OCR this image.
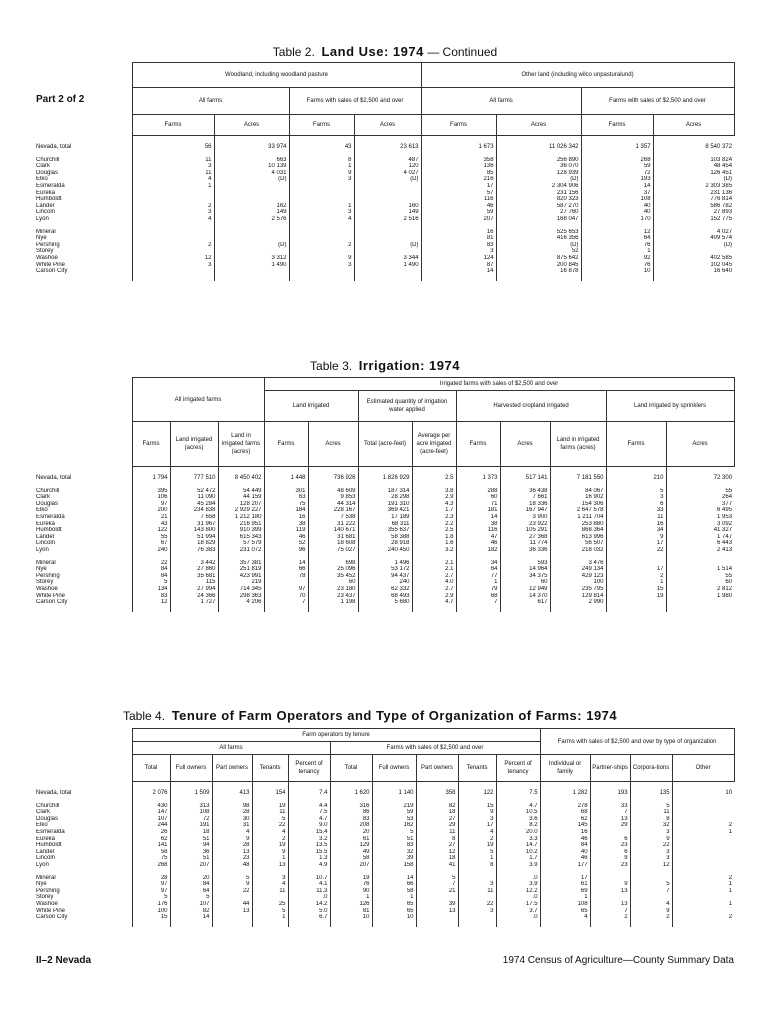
Table 2. Land Use: 1974 — Continued
Part 2 of 2
	Woodland, including woodland pasture				Other land (including wilco unpasturalund)			
	All farms		Farms with sales of $2,500 and over		All farms		Farms with sales of $2,500 and over	
	Farms	Acres	Farms	Acres	Farms	Acres	Farms	Acres

Nevada, total	56	33 974	43	23 613	1 673	11 026 342	1 357	8 540 372

Churchill	11	663	8	487	358	256 890	268	103 824
Clark	3	10 139	1	120	136	36 070	59	48 454
Douglas	11	4 031	9	4 027	85	128 939	72	126 451
Elko	4	(D)	3	(D)	216	(D)	193	(D)
Esmeralda	1				17	2 304 906	14	2 303 385
Eureka					57	231 156	37	231 136
Humboldt					116	820 323	108	776 814
Lander	2	162	1	160	46	587 270	40	586 782
Lincoln	3	149	3	149	59	27 760	40	27 893
Lyon	4	2 576	4	2 516	207	168 047	170	152 775

Mineral					16	525 653	12	4 027
Nye					81	416 356	64	409 574
Pershing	2	(D)	2	(D)	83	(D)	76	(D)
Storey					3	52	1	
Washoe	12	3 312	9	3 344	124	875 642	92	402 585
White Pine	3	1 490	3	1 490	87	200 845	76	102 045
Carson City					14	16 878	10	16 640

Table 3. Irrigation: 1974
	All irrigated farms			Irrigated farms with sales of $2,500 and over								
				Land irrigated		Estimated quantity of irrigation water applied		Harvested cropland irrigated			Land irrigated by sprinklers	
	Farms	Land irrigated (acres)	Land in irrigated farms (acres)	Farms	Acres	Total (acre-feet)	Average per acre irrigated (acre-feet)	Farms	Acres	Land in irrigated farms (acres)	Farms	Acres

Nevada, total	1 794	777 510	8 450 402	1 448	736 926	1 826 929	2.5	1 373	517 141	7 181 550	210	72 300

Churchill	395	52 472	54 449	301	48 609	187 314	3.8	288	36 438	84 067	5	55
Clark	106	11 090	44 159	63	9 853	28 298	2.9	60	7 661	16 902	3	264
Douglas	97	45 284	128 207	75	44 314	191 310	4.3	71	18 336	154 306	6	377
Elko	200	234 838	2 929 227	184	228 167	369 421	1.7	181	167 947	2 647 578	33	6 495
Esmeralda	21	7 658	1 212 180	16	7 538	17 189	2.3	14	3 900	1 211 704	11	1 953
Eureka	43	31 967	216 951	38	31 222	68 311	2.2	38	23 922	253 880	16	3 092
Humboldt	122	143 800	910 399	119	140 671	355 637	2.5	116	105 291	868 364	34	41 327
Lander	55	51 994	615 343	46	31 681	58 388	1.8	47	27 368	613 996	9	1 747
Lincoln	67	18 829	57 579	52	18 608	28 918	1.6	46	11 774	56 507	17	6 443
Lyon	240	76 383	231 072	96	75 027	240 450	3.2	182	36 336	218 032	22	2 413

Mineral	22	3 442	357 381	14	698	1 496	2.1	34	593	3 476		
Nye	84	27 860	251 819	66	25 096	53 172	2.1	64	14 964	249 134	17	1 514
Pershing	84	35 681	423 991	78	35 452	94 437	2.7	77	34 375	429 123	2	55
Storey	5	115	219		60	240	4.0	1	60	100	1	60
Washoe	134	27 994	714 345	97	23 180	62 332	2.7	79	12 949	235 795	15	2 812
White Pine	83	24 366	298 363	70	23 437	68 493	2.9	68	14 370	129 814	19	1 980
Carson City	12	1 727	4 206	7	1 198	5 680	4.7	7	617	2 990		

Table 4. Tenure of Farm Operators and Type of Organization of Farms: 1974
	Farm operators by tenure										Farms with sales of $2,500 and over by type of organization			
	All farms					Farms with sales of $2,500 and over								
	Total	Full owners	Part owners	Tenants	Percent of tenancy	Total	Full owners	Part owners	Tenants	Percent of tenancy	Individual or family	Partner-ships	Corpora-tions	Other

Nevada, total	2 076	1 509	413	154	7.4	1 620	1 140	358	122	7.5	1 282	193	135	10

Churchill	430	313	98	19	4.4	316	219	82	15	4.7	278	33	5	
Clark	147	108	28	11	7.5	86	59	18	9	10.5	68	7	11	
Douglas	107	72	30	5	4.7	83	53	27	3	3.6	62	13	8	
Elko	244	191	31	22	9.0	208	162	29	17	8.2	145	29	32	2
Esmeralda	26	18	4	4	15.4	20	5	11	4	20.0	16		3	1
Eureka	62	51	9	2	3.2	61	51	8	2	3.3	46	6	9	
Humboldt	141	94	28	19	13.5	129	83	27	19	14.7	84	23	22	
Lander	58	36	13	9	15.5	49	32	12	5	10.2	40	6	3	
Lincoln	75	51	23	1	1.3	58	39	18	1	1.7	46	9	3	
Lyon	268	207	48	13	4.9	207	158	41	8	3.9	177	23	12	

Mineral	28	20	5	3	10.7	19	14	5		.0	17			2
Nye	97	84	9	4	4.1	76	66	7	3	3.9	61	9	5	1
Pershing	97	64	22	11	11.3	90	58	21	11	12.2	69	13	7	1
Storey	5	5			.0	1	1			.0	1			
Washoe	176	107	44	25	14.2	126	65	39	22	17.5	108	13	4	1
White Pine	100	82	13	5	5.0	81	65	13	3	3.7	65	7	9	
Carson City	15	14		1	6.7	10	10			.0	4	2	2	2

II–2 Nevada	1974 Census of Agriculture—County Summary Data
